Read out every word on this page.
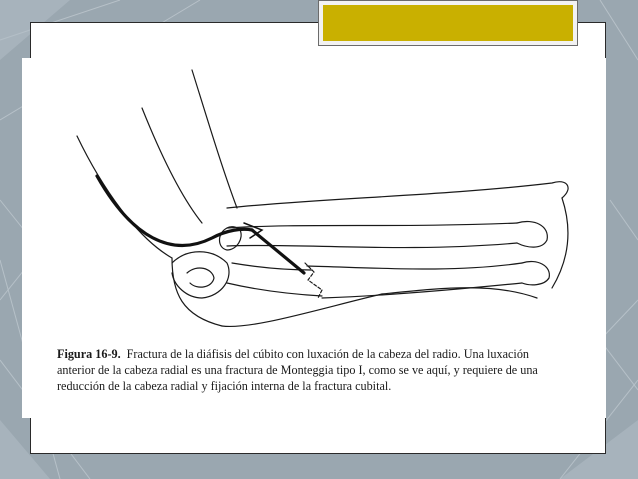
Figura 16-9. Fractura de la diáfisis del cúbito con luxación de la cabeza del radio. Una luxación anterior de la cabeza radial es una fractura de Monteggia tipo I, como se ve aquí, y requiere de una reducción de la cabeza radial y fijación interna de la fractura cubital.
